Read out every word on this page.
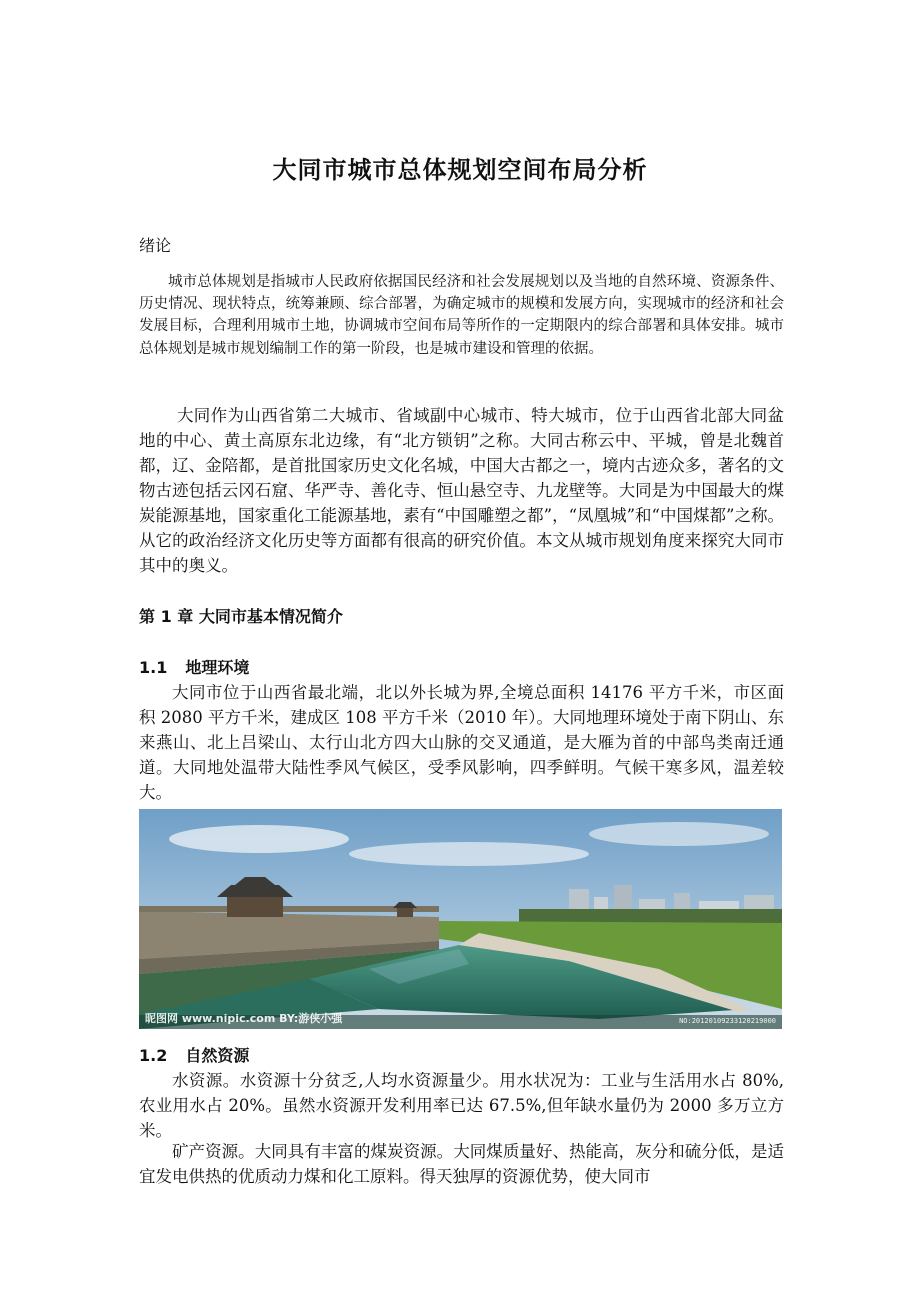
大同市城市总体规划空间布局分析
绪论

城市总体规划是指城市人民政府依据国民经济和社会发展规划以及当地的自然环境、资源条件、历史情况、现状特点，统筹兼顾、综合部署，为确定城市的规模和发展方向，实现城市的经济和社会发展目标，合理利用城市土地，协调城市空间布局等所作的一定期限内的综合部署和具体安排。城市总体规划是城市规划编制工作的第一阶段，也是城市建设和管理的依据。

大同作为山西省第二大城市、省域副中心城市、特大城市，位于山西省北部大同盆地的中心、黄土高原东北边缘，有“北方锁钥”之称。大同古称云中、平城，曾是北魏首都，辽、金陪都，是首批国家历史文化名城，中国大古都之一，境内古迹众多，著名的文物古迹包括云冈石窟、华严寺、善化寺、恒山悬空寺、九龙壁等。大同是为中国最大的煤炭能源基地，国家重化工能源基地，素有“中国雕塑之都”，“凤凰城”和“中国煤都”之称。从它的政治经济文化历史等方面都有很高的研究价值。本文从城市规划角度来探究大同市其中的奥义。

第 1 章 大同市基本情况简介
1.1 地理环境

大同市位于山西省最北端，北以外长城为界,全境总面积 14176 平方千米，市区面积 2080 平方千米，建成区 108 平方千米（2010 年）。大同地理环境处于南下阴山、东来燕山、北上吕梁山、太行山北方四大山脉的交叉通道，是大雁为首的中部鸟类南迁通道。大同地处温带大陆性季风气候区，受季风影响，四季鲜明。气候干寒多风，温差较大。

昵图网 www.nipic.com BY:游侠小强	NO:20120109233120219000
1.2 自然资源

水资源。水资源十分贫乏,人均水资源量少。用水状况为：工业与生活用水占 80%,农业用水占 20%。虽然水资源开发利用率已达 67.5%,但年缺水量仍为 2000 多万立方米。

矿产资源。大同具有丰富的煤炭资源。大同煤质量好、热能高，灰分和硫分低，是适宜发电供热的优质动力煤和化工原料。得天独厚的资源优势，使大同市
